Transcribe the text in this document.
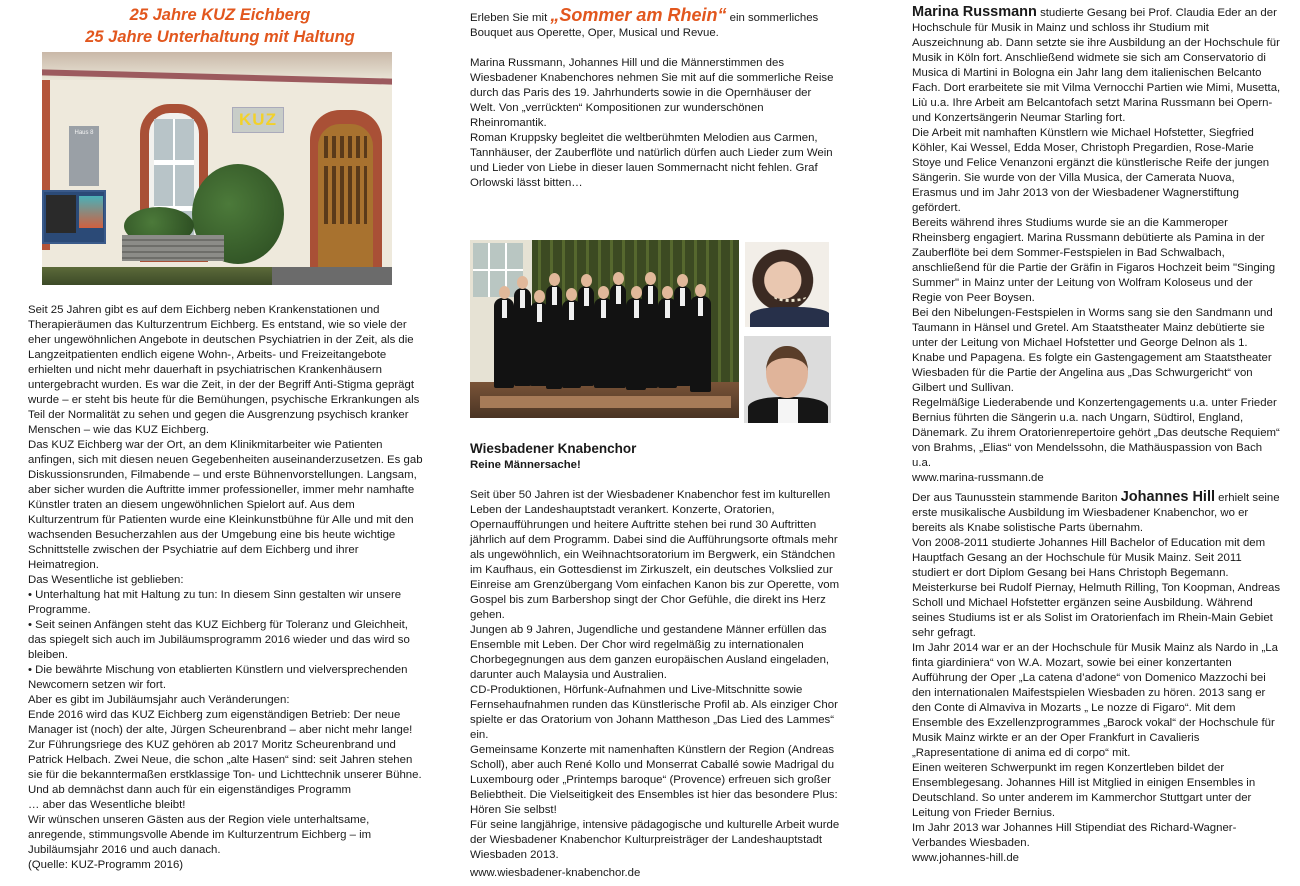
25 Jahre KUZ Eichberg
25 Jahre Unterhaltung mit Haltung
KUZ
Haus 8

Seit 25 Jahren gibt es auf dem Eichberg neben Krankenstationen und Therapieräumen das Kulturzentrum Eichberg. Es entstand, wie so viele der eher ungewöhnlichen Angebote in deutschen Psychiatrien in der Zeit, als die Langzeitpatienten endlich eigene Wohn-, Arbeits- und Freizeitangebote erhielten und nicht mehr dauerhaft in psychiatrischen Krankenhäusern untergebracht wurden. Es war die Zeit, in der der Begriff Anti-Stigma geprägt wurde – er steht bis heute für die Bemühungen, psychische Erkrankungen als Teil der Normalität zu sehen und gegen die Ausgrenzung psychisch kranker Menschen – wie das KUZ Eichberg.

Das KUZ Eichberg war der Ort, an dem Klinikmitarbeiter wie Patienten anfingen, sich mit diesen neuen Gegebenheiten auseinanderzusetzen. Es gab Diskussionsrunden, Filmabende – und erste Bühnenvorstellungen. Langsam, aber sicher wurden die Auftritte immer professioneller, immer mehr namhafte Künstler traten an diesem ungewöhnlichen Spielort auf. Aus dem Kulturzentrum für Patienten wurde eine Kleinkunstbühne für Alle und mit den wachsenden Besucherzahlen aus der Umgebung eine bis heute wichtige Schnittstelle zwischen der Psychiatrie auf dem Eichberg und ihrer Heimatregion.

Das Wesentliche ist geblieben:

• Unterhaltung hat mit Haltung zu tun: In diesem Sinn gestalten wir unsere Programme.

• Seit seinen Anfängen steht das KUZ Eichberg für Toleranz und Gleichheit, das spiegelt sich auch im Jubiläumsprogramm 2016 wieder und das wird so bleiben.

• Die bewährte Mischung von etablierten Künstlern und vielversprechenden Newcomern setzen wir fort.

Aber es gibt im Jubiläumsjahr auch Veränderungen:

Ende 2016 wird das KUZ Eichberg zum eigenständigen Betrieb: Der neue Manager ist (noch) der alte, Jürgen Scheurenbrand – aber nicht mehr lange! Zur Führungsriege des KUZ gehören ab 2017 Moritz Scheurenbrand und Patrick Helbach. Zwei Neue, die schon „alte Hasen“ sind: seit Jahren stehen sie für die bekanntermaßen erstklassige Ton- und Lichttechnik unserer Bühne. Und ab demnächst dann auch für ein eigenständiges Programm

… aber das Wesentliche bleibt!

Wir wünschen unseren Gästen aus der Region viele unterhaltsame, anregende, stimmungsvolle Abende im Kulturzentrum Eichberg – im Jubiläumsjahr 2016 und auch danach.

(Quelle: KUZ-Programm 2016)

Erleben Sie mit „Sommer am Rhein“ ein sommerliches Bouquet aus Operette, Oper, Musical und Revue.

Marina Russmann, Johannes Hill und die Männerstimmen des Wiesbadener Knabenchores nehmen Sie mit auf die sommerliche Reise durch das Paris des 19. Jahrhunderts sowie in die Opernhäuser der Welt. Von „verrückten“ Kompositionen zur wunderschönen Rheinromantik.

Roman Kruppsky begleitet die weltberühmten Melodien aus Carmen, Tannhäuser, der Zauberflöte und natürlich dürfen auch Lieder zum Wein und Lieder von Liebe in dieser lauen Sommernacht nicht fehlen. Graf Orlowski lässt bitten…

Wiesbadener Knabenchor

Reine Männersache!

Seit über 50 Jahren ist der Wiesbadener Knabenchor fest im kulturellen Leben der Landeshauptstadt verankert. Konzerte, Oratorien, Opernaufführungen und heitere Auftritte stehen bei rund 30 Auftritten jährlich auf dem Programm. Dabei sind die Aufführungsorte oftmals mehr als ungewöhnlich, ein Weihnachtsoratorium im Bergwerk, ein Ständchen im Kaufhaus, ein Gottesdienst im Zirkuszelt, ein deutsches Volkslied zur Einreise am Grenzübergang Vom einfachen Kanon bis zur Operette, vom Gospel bis zum Barbershop singt der Chor Gefühle, die direkt ins Herz gehen.

Jungen ab 9 Jahren, Jugendliche und gestandene Männer erfüllen das Ensemble mit Leben. Der Chor wird regelmäßig zu internationalen Chorbegegnungen aus dem ganzen europäischen Ausland eingeladen, darunter auch Malaysia und Australien.

CD-Produktionen, Hörfunk-Aufnahmen und Live-Mitschnitte sowie Fernsehaufnahmen runden das Künstlerische Profil ab. Als einziger Chor spielte er das Oratorium von Johann Mattheson „Das Lied des Lammes“ ein.

Gemeinsame Konzerte mit namenhaften Künstlern der Region (Andreas Scholl), aber auch René Kollo und Monserrat Caballé sowie Madrigal du Luxembourg oder „Printemps baroque“ (Provence) erfreuen sich großer Beliebtheit. Die Vielseitigkeit des Ensembles ist hier das besondere Plus: Hören Sie selbst!

Für seine langjährige, intensive pädagogische und kulturelle Arbeit wurde der Wiesbadener Knabenchor Kulturpreisträger der Landeshauptstadt Wiesbaden 2013.

www.wiesbadener-knabenchor.de

Marina Russmann studierte Gesang bei Prof. Claudia Eder an der Hochschule für Musik in Mainz und schloss ihr Studium mit Auszeichnung ab. Dann setzte sie ihre Ausbildung an der Hochschule für Musik in Köln fort. Anschließend widmete sie sich am Conservatorio di Musica di Martini in Bologna ein Jahr lang dem italienischen Belcanto Fach. Dort erarbeitete sie mit Vilma Vernocchi Partien wie Mimi, Musetta, Liù u.a. Ihre Arbeit am Belcantofach setzt Marina Russmann bei Opern- und Konzertsängerin Neumar Starling fort.

Die Arbeit mit namhaften Künstlern wie Michael Hofstetter, Siegfried Köhler, Kai Wessel, Edda Moser, Christoph Pregardien, Rose-Marie Stoye und Felice Venanzoni ergänzt die künstlerische Reife der jungen Sängerin. Sie wurde von der Villa Musica, der Camerata Nuova, Erasmus und im Jahr 2013 von der Wiesbadener Wagnerstiftung gefördert.

Bereits während ihres Studiums wurde sie an die Kammeroper Rheinsberg engagiert. Marina Russmann debütierte als Pamina in der Zauberflöte bei dem Sommer-Festspielen in Bad Schwalbach, anschließend für die Partie der Gräfin in Figaros Hochzeit beim "Singing Summer" in Mainz unter der Leitung von Wolfram Koloseus und der Regie von Peer Boysen.

Bei den Nibelungen-Festspielen in Worms sang sie den Sandmann und Taumann in Hänsel und Gretel. Am Staatstheater Mainz debütierte sie unter der Leitung von Michael Hofstetter und George Delnon als 1. Knabe und Papagena. Es folgte ein Gastengagement am Staatstheater Wiesbaden für die Partie der Angelina aus „Das Schwurgericht“ von Gilbert und Sullivan.

Regelmäßige Liederabende und Konzertengagements u.a. unter Frieder Bernius führten die Sängerin u.a. nach Ungarn, Südtirol, England, Dänemark. Zu ihrem Oratorienrepertoire gehört „Das deutsche Requiem“ von Brahms, „Elias“ von Mendelssohn, die Mathäuspassion von Bach u.a.

www.marina-russmann.de

Der aus Taunusstein stammende Bariton Johannes Hill erhielt seine erste musikalische Ausbildung im Wiesbadener Knabenchor, wo er bereits als Knabe solistische Parts übernahm.

Von 2008-2011 studierte Johannes Hill Bachelor of Education mit dem Hauptfach Gesang an der Hochschule für Musik Mainz. Seit 2011 studiert er dort Diplom Gesang bei Hans Christoph Begemann. Meisterkurse bei Rudolf Piernay, Helmuth Rilling, Ton Koopman, Andreas Scholl und Michael Hofstetter ergänzen seine Ausbildung. Während seines Studiums ist er als Solist im Oratorienfach im Rhein-Main Gebiet sehr gefragt.

Im Jahr 2014 war er an der Hochschule für Musik Mainz als Nardo in „La finta giardiniera“ von W.A. Mozart, sowie bei einer konzertanten Aufführung der Oper „La catena d’adone“ von Domenico Mazzochi bei den internationalen Maifestspielen Wiesbaden zu hören. 2013 sang er den Conte di Almaviva in Mozarts „ Le nozze di Figaro“. Mit dem Ensemble des Exzellenzprogrammes „Barock vokal“ der Hochschule für Musik Mainz wirkte er an der Oper Frankfurt in Cavalieris „Rapresentatione di anima ed di corpo“ mit.

Einen weiteren Schwerpunkt im regen Konzertleben bildet der Ensemblegesang. Johannes Hill ist Mitglied in einigen Ensembles in Deutschland. So unter anderem im Kammerchor Stuttgart unter der Leitung von Frieder Bernius.

Im Jahr 2013 war Johannes Hill Stipendiat des Richard-Wagner-Verbandes Wiesbaden.

www.johannes-hill.de
